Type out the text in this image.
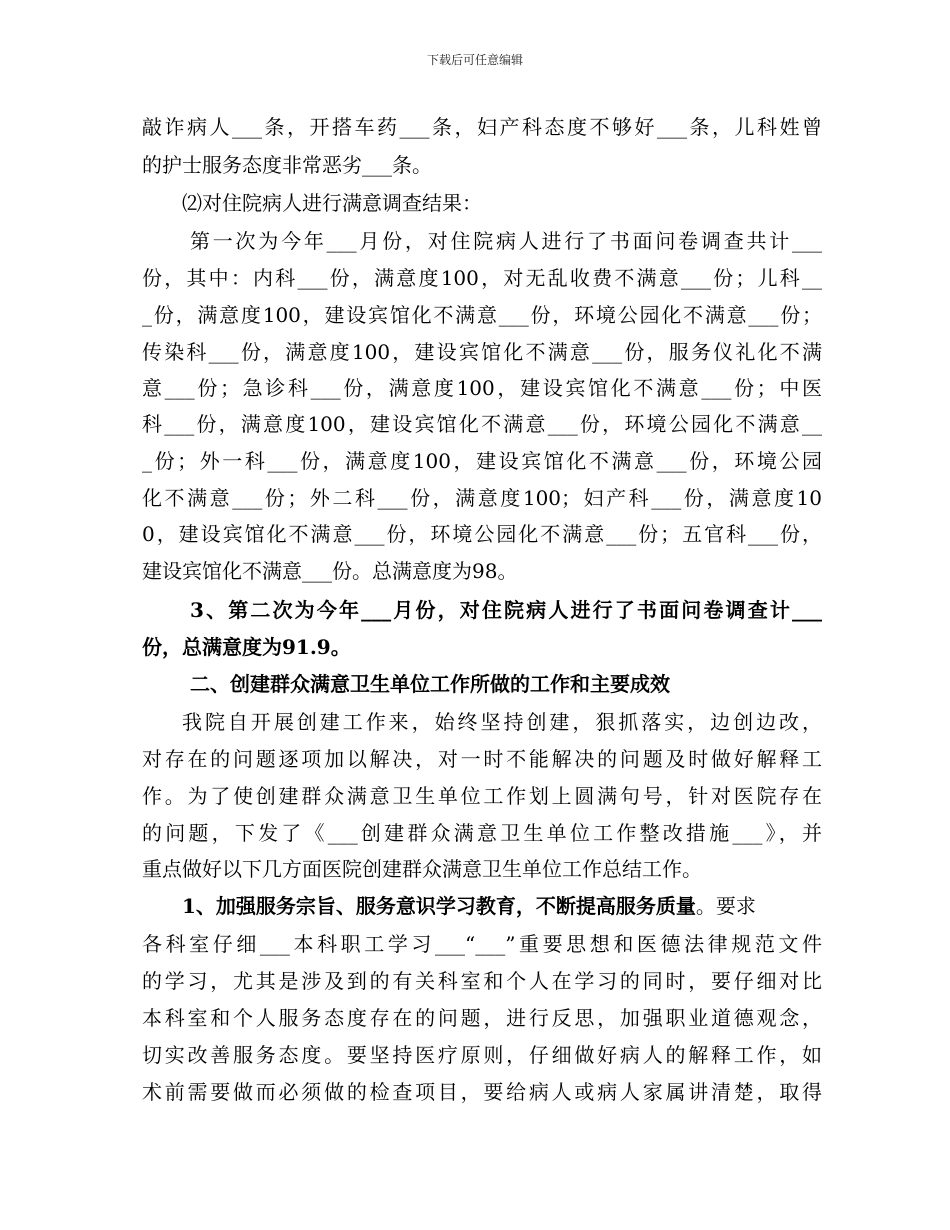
下载后可任意编辑
敲诈病人___条，开搭车药___条，妇产科态度不够好___条，儿科姓曾
的护士服务态度非常恶劣___条。
⑵对住院病人进行满意调查结果：
第一次为今年___月份，对住院病人进行了书面问卷调查共计___
份，其中：内科___份，满意度100，对无乱收费不满意___份；儿科__
_份，满意度100，建设宾馆化不满意___份，环境公园化不满意___份；
传染科___份，满意度100，建设宾馆化不满意___份，服务仪礼化不满
意___份；急诊科___份，满意度100，建设宾馆化不满意___份；中医
科___份，满意度100，建设宾馆化不满意___份，环境公园化不满意__
_份；外一科___份，满意度100，建设宾馆化不满意___份，环境公园
化不满意___份；外二科___份，满意度100；妇产科___份，满意度10
0，建设宾馆化不满意___份，环境公园化不满意___份；五官科___份，
建设宾馆化不满意___份。总满意度为98。
3、第二次为今年___月份，对住院病人进行了书面问卷调查计___
份，总满意度为91.9。
二、创建群众满意卫生单位工作所做的工作和主要成效
我院自开展创建工作来，始终坚持创建，狠抓落实，边创边改，
对存在的问题逐项加以解决，对一时不能解决的问题及时做好解释工
作。为了使创建群众满意卫生单位工作划上圆满句号，针对医院存在
的问题，下发了《___创建群众满意卫生单位工作整改措施___》，并
重点做好以下几方面医院创建群众满意卫生单位工作总结工作。
1、加强服务宗旨、服务意识学习教育，不断提高服务质量。要求
各科室仔细___本科职工学习___“___”重要思想和医德法律规范文件
的学习，尤其是涉及到的有关科室和个人在学习的同时，要仔细对比
本科室和个人服务态度存在的问题，进行反思，加强职业道德观念，
切实改善服务态度。要坚持医疗原则，仔细做好病人的解释工作，如
术前需要做而必须做的检查项目，要给病人或病人家属讲清楚，取得
